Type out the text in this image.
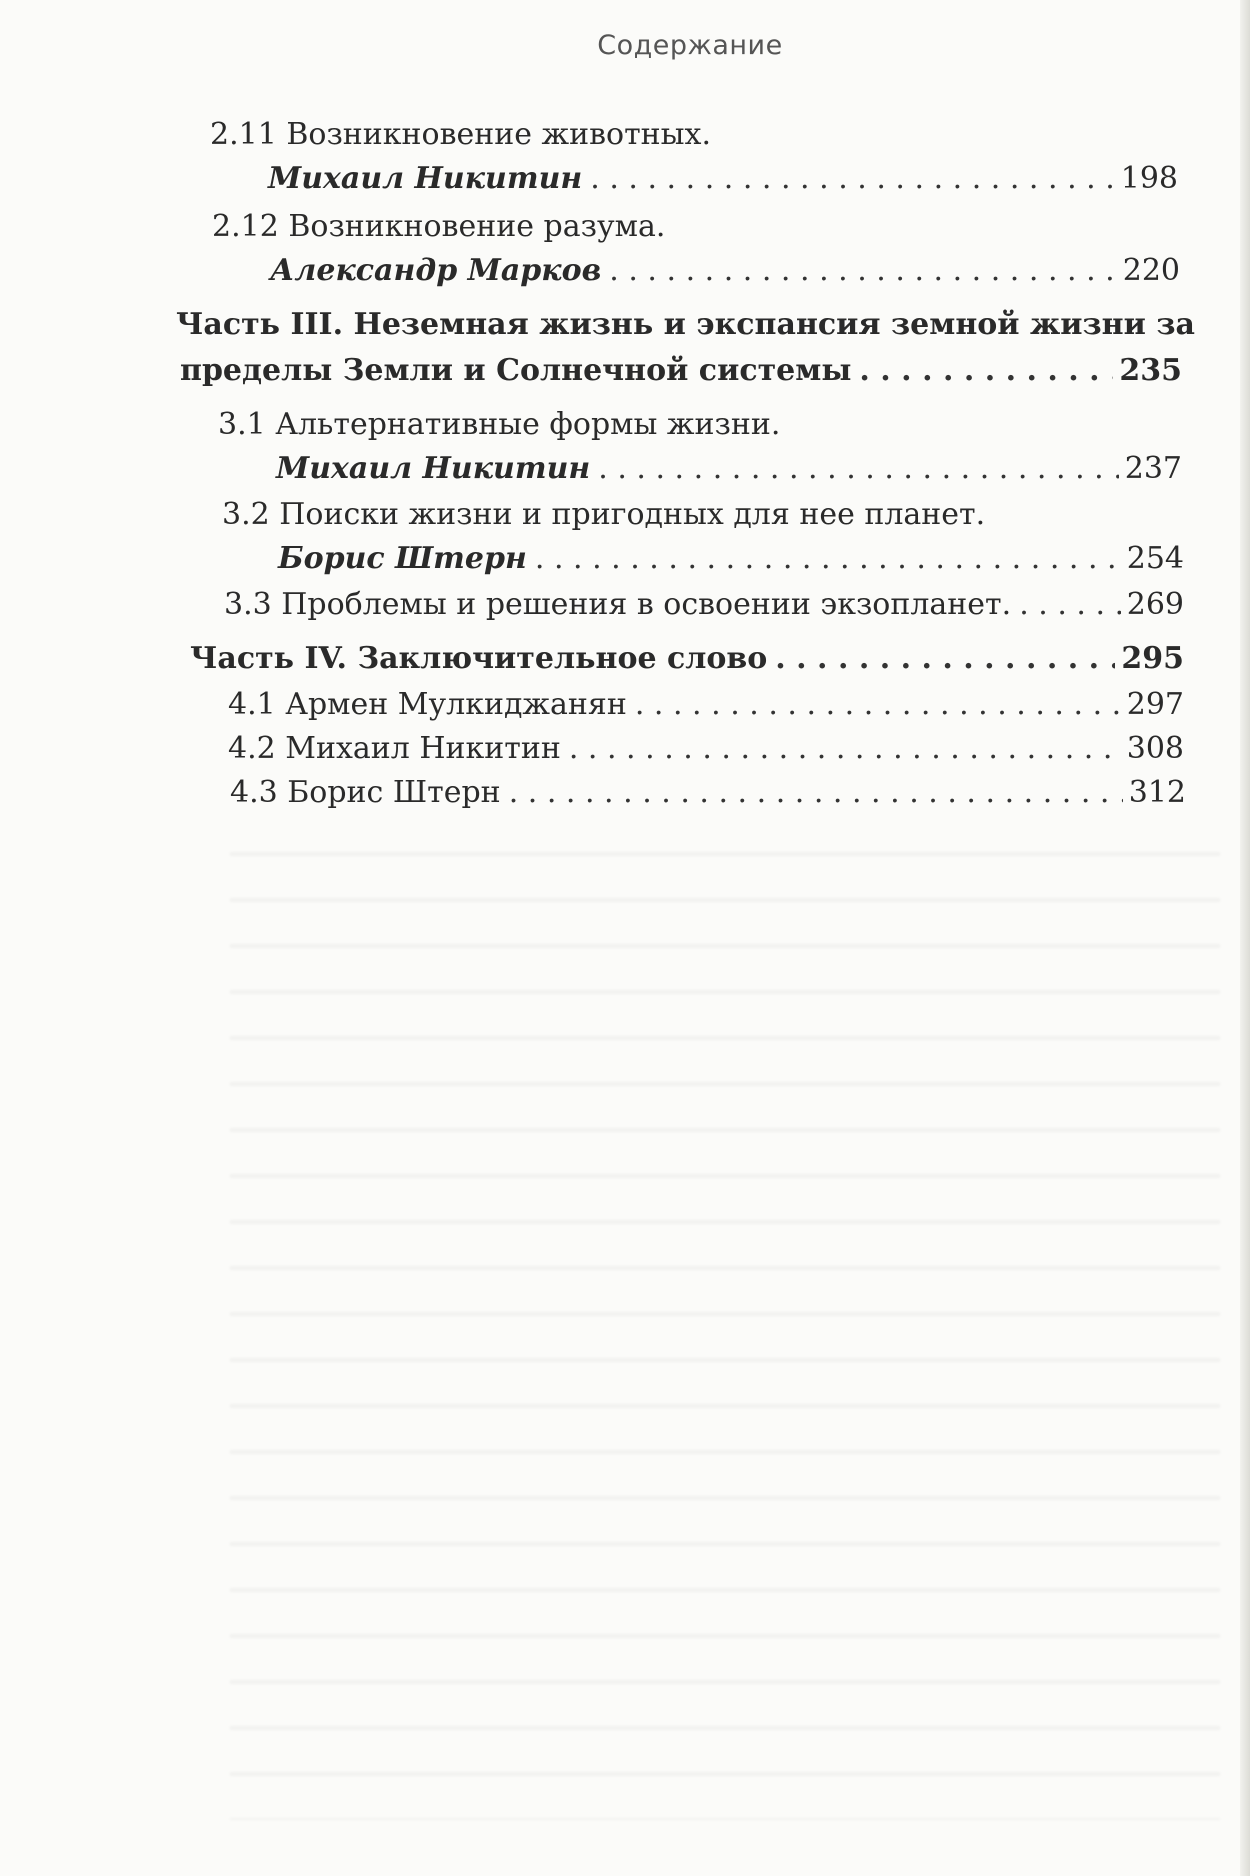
Содержание
2.11 Возникновение животных.
Михаил Никитин . . .	198
2.12 Возникновение разума.
Александр Марков . . .	220
Часть III. Неземная жизнь и экспансия земной жизни за
пределы Земли и Солнечной системы . . .	235
3.1 Альтернативные формы жизни.
Михаил Никитин . . .	237
3.2 Поиски жизни и пригодных для нее планет.
Борис Штерн . . .	254
3.3 Проблемы и решения в освоении экзопланет. . . .	269
Часть IV. Заключительное слово . . .	295
4.1 Армен Мулкиджанян . . .	297
4.2 Михаил Никитин . . .	308
4.3 Борис Штерн . . .	312
